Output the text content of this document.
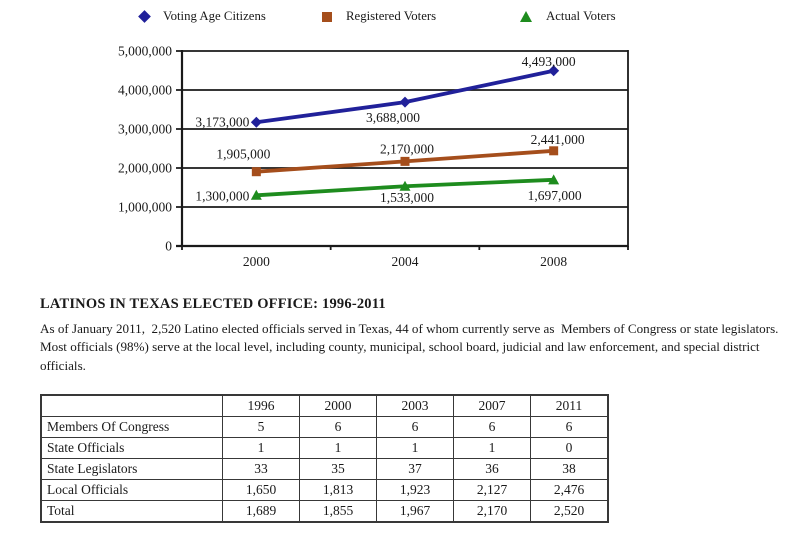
Voting Age Citizens	Registered Voters	Actual Voters
0
1,000,000
2,000,000
3,000,000
4,000,000
5,000,000
2000	2004	2008
3,173,000	3,688,000
4,493,000
1,905,000	2,170,000
2,441,000
1,300,000	1,533,000	1,697,000
LATINOS IN TEXAS ELECTED OFFICE: 1996-2011

As of January 2011,  2,520 Latino elected officials served in Texas, 44 of whom currently serve as  Members of Congress or state legislators. Most officials (98%) serve at the local level, including county, municipal, school board, judicial and law enforcement, and special district officials.

	1996	2000	2003	2007	2011
Members Of Congress	5	6	6	6	6
State Officials	1	1	1	1	0
State Legislators	33	35	37	36	38
Local Officials	1,650	1,813	1,923	2,127	2,476
Total	1,689	1,855	1,967	2,170	2,520
